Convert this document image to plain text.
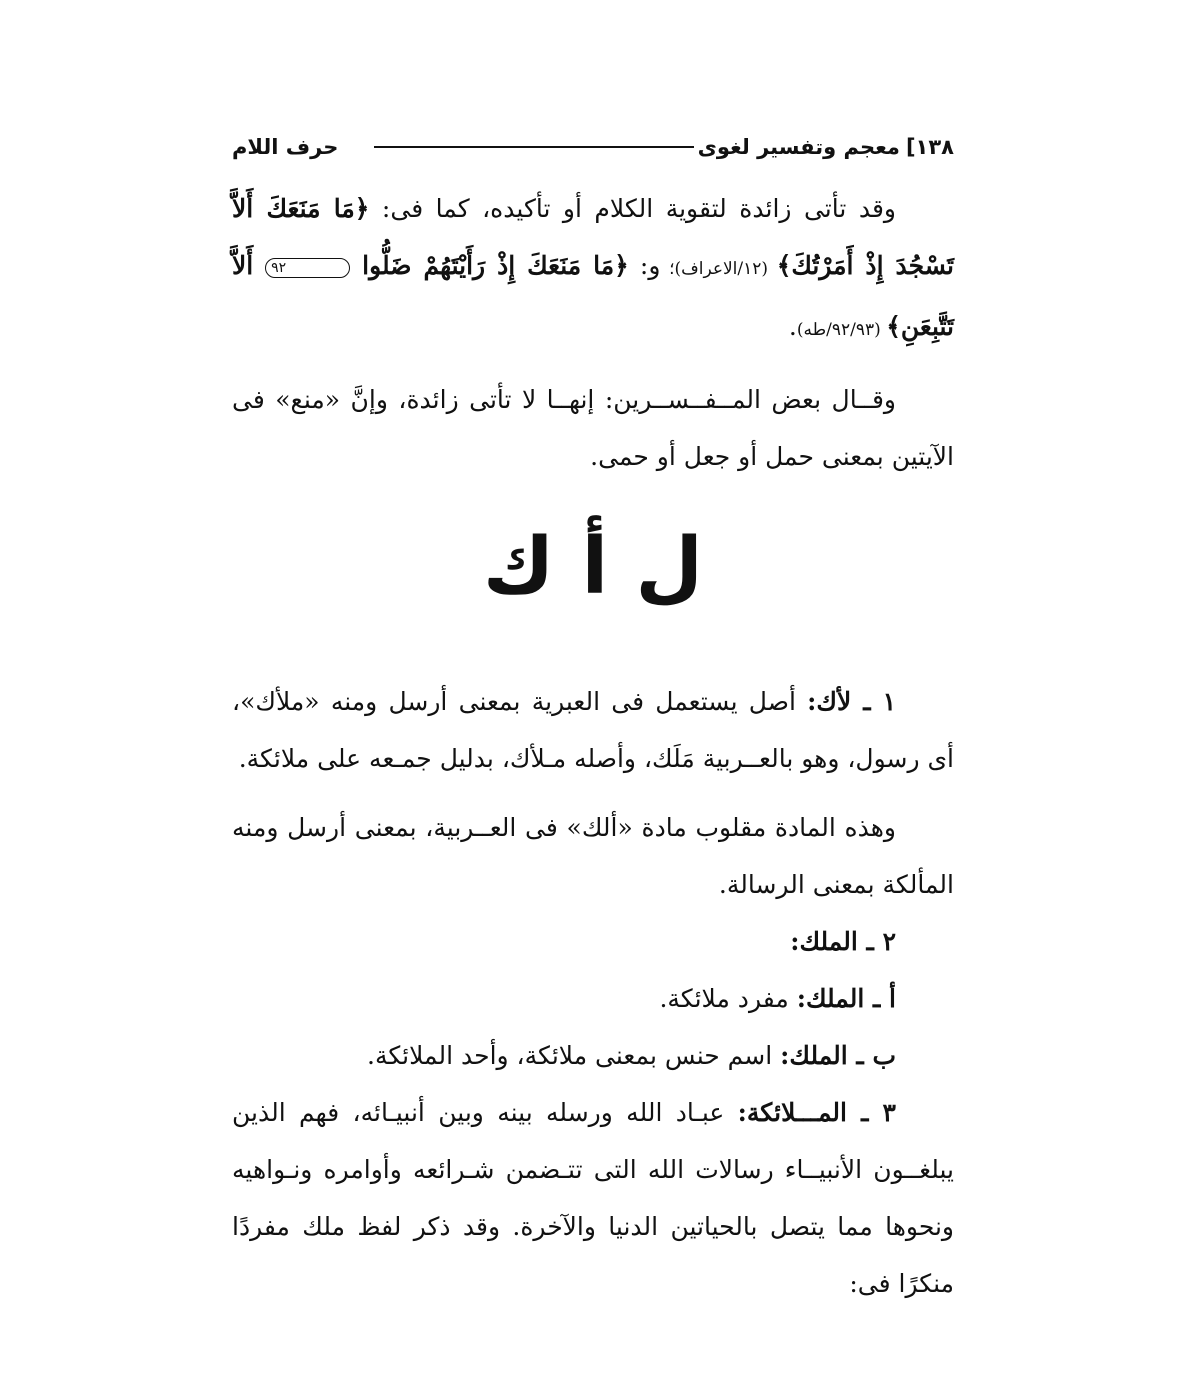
١٣٨]
معجم وتفسير لغوى
حرف اللام

وقد تأتى زائدة لتقوية الكلام أو تأكيده، كما فى: ﴿مَا مَنَعَكَ أَلاَّ تَسْجُدَ إِذْ أَمَرْتُكَ﴾ (١٢/الاعراف)؛ و: ﴿مَا مَنَعَكَ إِذْ رَأَيْتَهُمْ ضَلُّوا ٩٢ أَلاَّ تَتَّبِعَنِ﴾ (٩٢/٩٣/طه).

وقــال بعض المــفــســرين: إنهــا لا تأتى زائدة، وإنَّ «منع» فى الآيتين بمعنى حمل أو جعل أو حمى.

ل أ ك

١ ـ لأك: أصل يستعمل فى العبرية بمعنى أرسل ومنه «ملأك»، أى رسول، وهو بالعــربية مَلَك، وأصله مـلأك، بدليل جمـعه على ملائكة.

وهذه المادة مقلوب مادة «ألك» فى العــربية، بمعنى أرسل ومنه المألكة بمعنى الرسالة.

٢ ـ الملك:

أ ـ الملك: مفرد ملائكة.

ب ـ الملك: اسم حنس بمعنى ملائكة، وأحد الملائكة.

٣ ـ المـــلائكة: عبـاد الله ورسله بينه وبين أنبيـائه، فهم الذين يبلغــون الأنبيــاء رسالات الله التى تتـضمن شـرائعه وأوامره ونـواهيه ونحوها مما يتصل بالحياتين الدنيا والآخرة. وقد ذكر لفظ ملك مفردًا منكرًا فى:
